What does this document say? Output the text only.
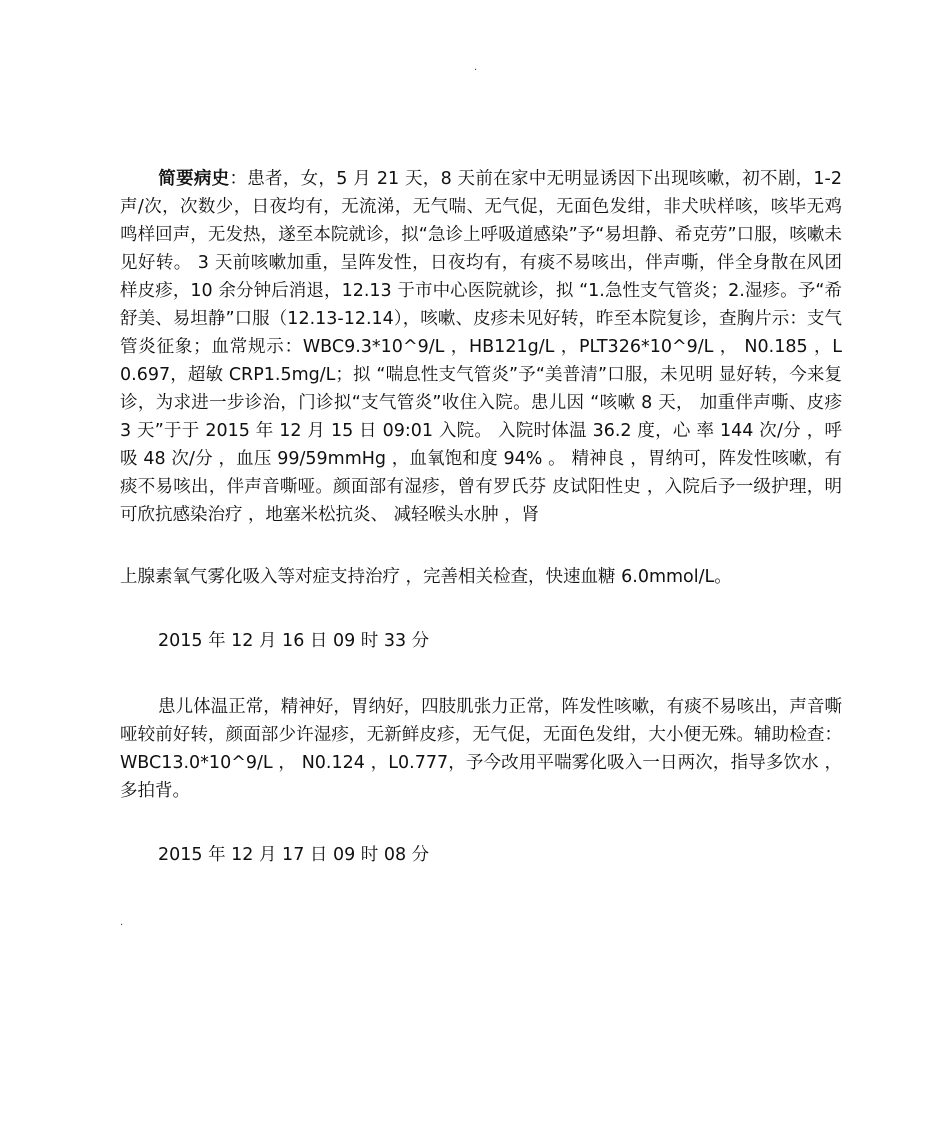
.
简要病史：患者，女，5 月 21 天，8 天前在家中无明显诱因下出现咳嗽，初不剧，1-2 声/次，次数少，日夜均有，无流涕，无气喘、无气促，无面色发绀，非犬吠样咳，咳毕无鸡鸣样回声，无发热，遂至本院就诊，拟“急诊上呼吸道感染”予“易坦静、希克劳”口服，咳嗽未见好转。 3 天前咳嗽加重，呈阵发性，日夜均有，有痰不易咳出，伴声嘶，伴全身散在风团样皮疹，10 余分钟后消退，12.13 于市中心医院就诊，拟 “1.急性支气管炎；2.湿疹。予“希舒美、易坦静”口服（12.13-12.14），咳嗽、皮疹未见好转，昨至本院复诊，查胸片示：支气管炎征象；血常规示：WBC9.3*10^9/L ，HB121g/L ，PLT326*10^9/L ， N0.185 ，L0.697，超敏 CRP1.5mg/L；拟 “喘息性支气管炎”予“美普清”口服，未见明 显好转，今来复诊，为求进一步诊治，门诊拟“支气管炎”收住入院。患儿因 “咳嗽 8 天， 加重伴声嘶、皮疹 3 天”于于 2015 年 12 月 15 日 09:01 入院。 入院时体温 36.2 度，心 率 144 次/分 ，呼吸 48 次/分 ，血压 99/59mmHg ，血氧饱和度 94% 。 精神良 ，胃纳可，阵发性咳嗽，有痰不易咳出，伴声音嘶哑。颜面部有湿疹，曾有罗氏芬 皮试阳性史 ，入院后予一级护理，明可欣抗感染治疗 ，地塞米松抗炎、 减轻喉头水肿 ，肾
上腺素氧气雾化吸入等对症支持治疗 ，完善相关检查，快速血糖 6.0mmol/L。
2015 年 12 月 16 日 09 时 33 分
患儿体温正常，精神好，胃纳好，四肢肌张力正常，阵发性咳嗽，有痰不易咳出，声音嘶哑较前好转，颜面部少许湿疹，无新鲜皮疹，无气促，无面色发绀，大小便无殊。辅助检查：WBC13.0*10^9/L ， N0.124 ，L0.777，予今改用平喘雾化吸入一日两次，指导多饮水 ，多拍背。
2015 年 12 月 17 日 09 时 08 分
.
